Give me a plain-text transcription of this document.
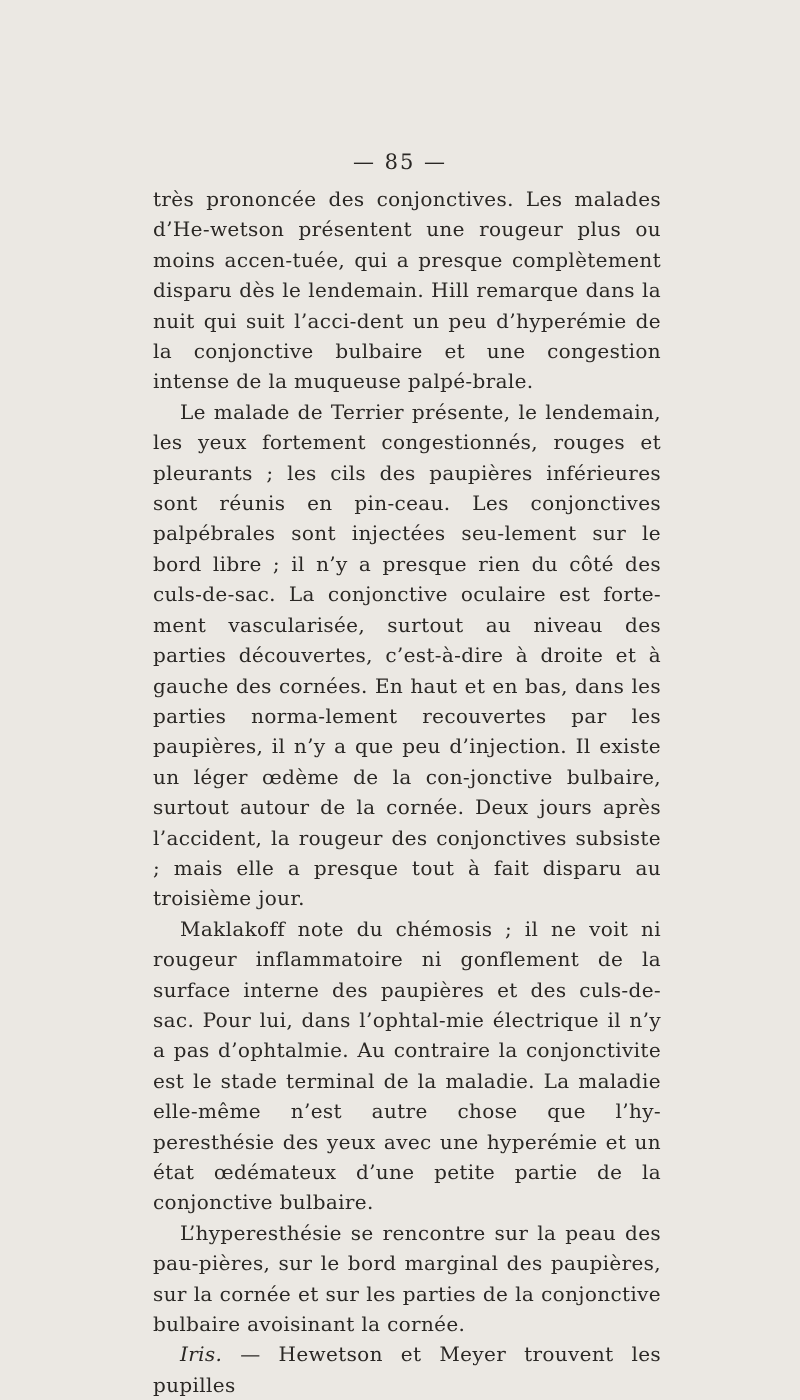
— 85 —

très prononcée des conjonctives. Les malades d’He-wetson présentent une rougeur plus ou moins accen-tuée, qui a presque complètement disparu dès le lendemain. Hill remarque dans la nuit qui suit l’acci-dent un peu d’hyperémie de la conjonctive bulbaire et une congestion intense de la muqueuse palpé-brale.

Le malade de Terrier présente, le lendemain, les yeux fortement congestionnés, rouges et pleurants ; les cils des paupières inférieures sont réunis en pin-ceau. Les conjonctives palpébrales sont injectées seu-lement sur le bord libre ; il n’y a presque rien du côté des culs-de-sac. La conjonctive oculaire est forte-ment vascularisée, surtout au niveau des parties découvertes, c’est-à-dire à droite et à gauche des cornées. En haut et en bas, dans les parties norma-lement recouvertes par les paupières, il n’y a que peu d’injection. Il existe un léger œdème de la con-jonctive bulbaire, surtout autour de la cornée. Deux jours après l’accident, la rougeur des conjonctives subsiste ; mais elle a presque tout à fait disparu au troisième jour.

Maklakoff note du chémosis ; il ne voit ni rougeur inflammatoire ni gonflement de la surface interne des paupières et des culs-de-sac. Pour lui, dans l’ophtal-mie électrique il n’y a pas d’ophtalmie. Au contraire la conjonctivite est le stade terminal de la maladie. La maladie elle-même n’est autre chose que l’hy-peresthésie des yeux avec une hyperémie et un état œdémateux d’une petite partie de la conjonctive bulbaire.

L’hyperesthésie se rencontre sur la peau des pau-pières, sur le bord marginal des paupières, sur la cornée et sur les parties de la conjonctive bulbaire avoisinant la cornée.

Iris. — Hewetson et Meyer trouvent les pupilles
